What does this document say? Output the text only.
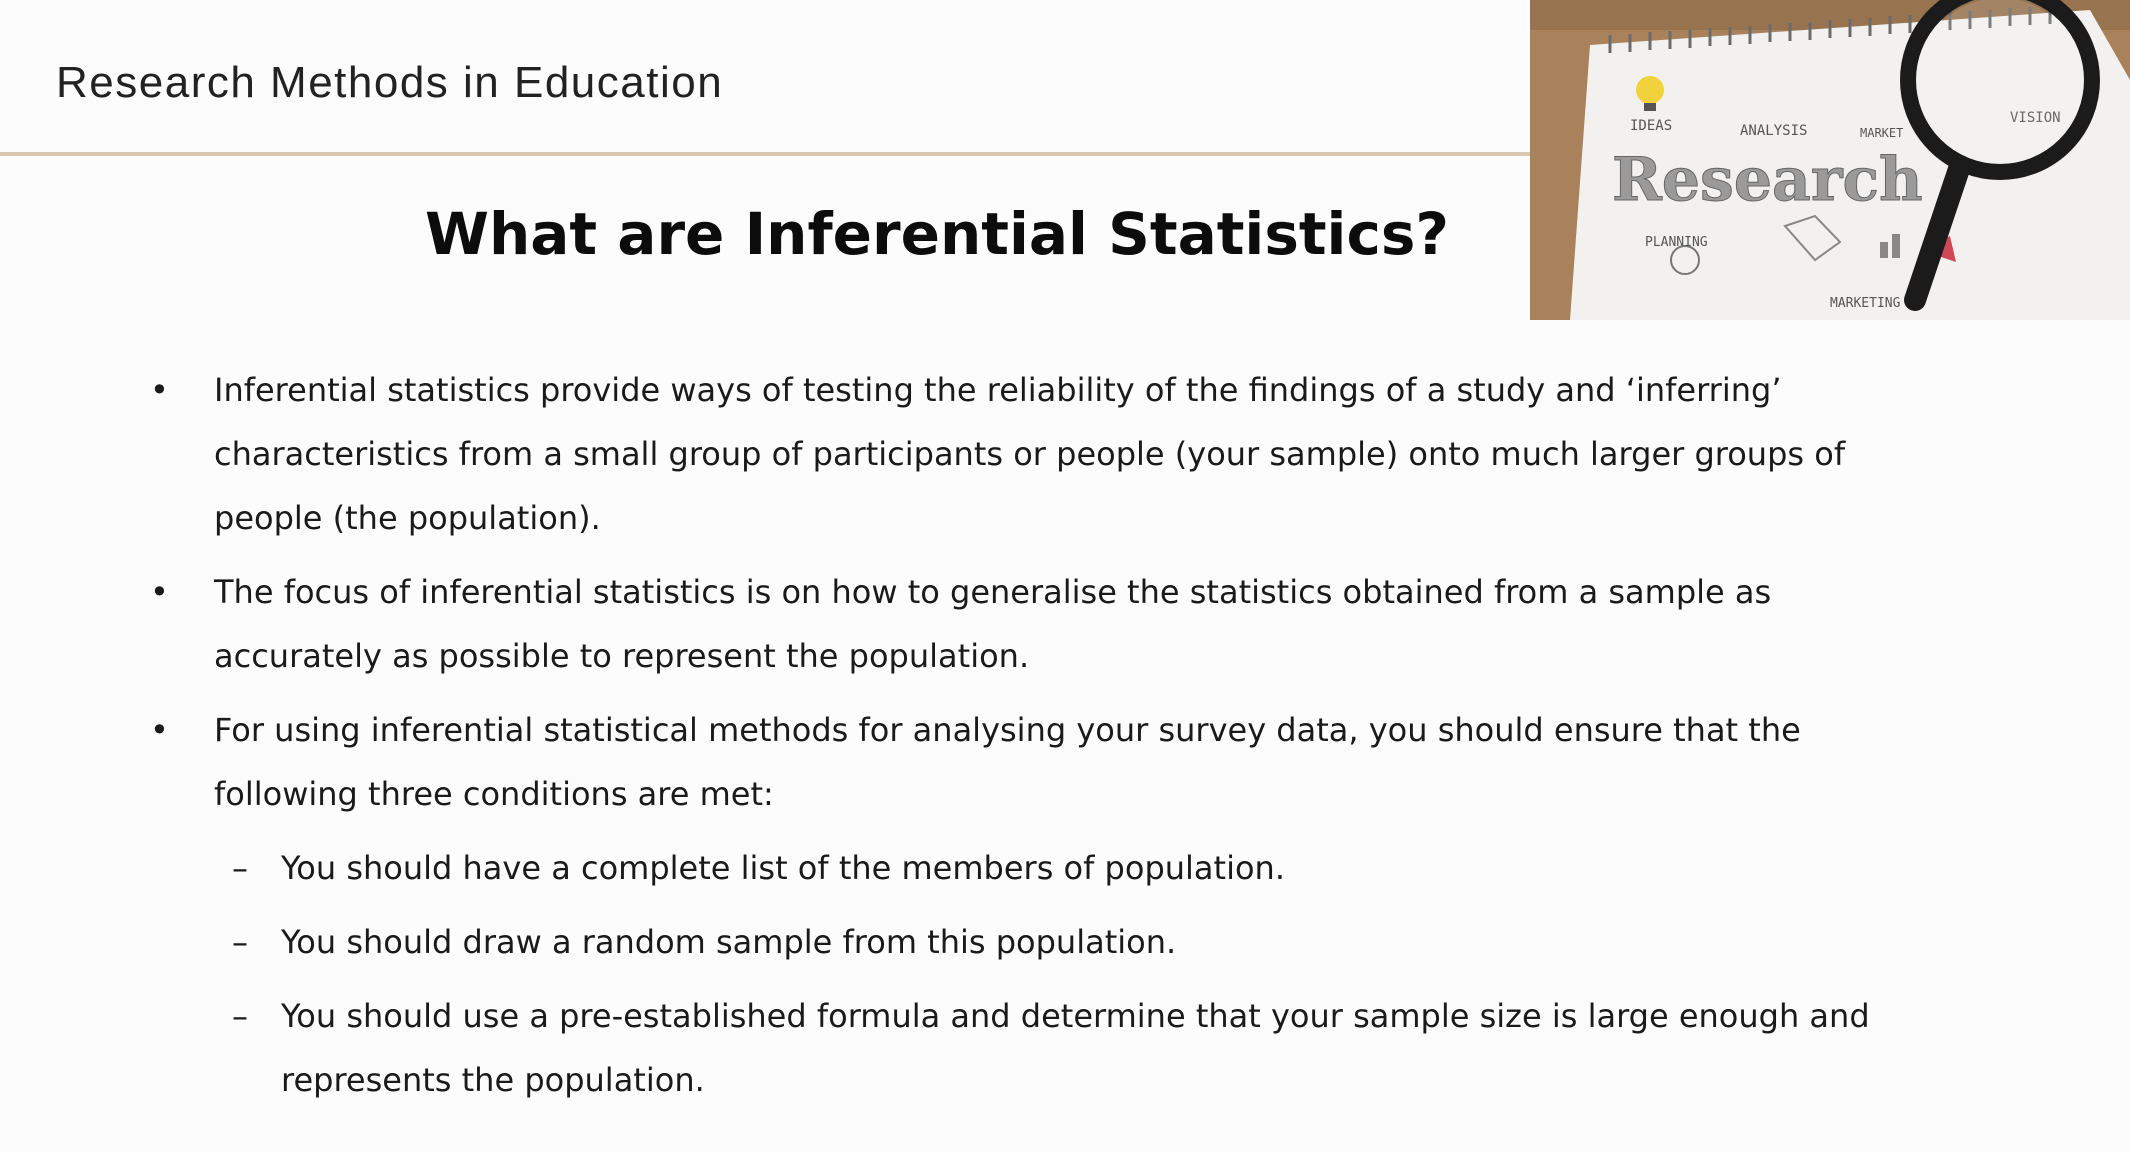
Research Methods in Education
IDEAS	ANALYSIS	MARKET
VISION
Research
PLANNING
MARKETING
What are Inferential Statistics?
•	Inferential statistics provide ways of testing the reliability of the findings of a study and ‘inferring’ characteristics from a small group of participants or people (your sample) onto much larger groups of people (the population).
•	The focus of inferential statistics is on how to generalise the statistics obtained from a sample as accurately as possible to represent the population.
•	For using inferential statistical methods for analysing your survey data, you should ensure that the following three conditions are met:
– You should have a complete list of the members of population.
– You should draw a random sample from this population.
– You should use a pre-established formula and determine that your sample size is large enough and represents the population.
